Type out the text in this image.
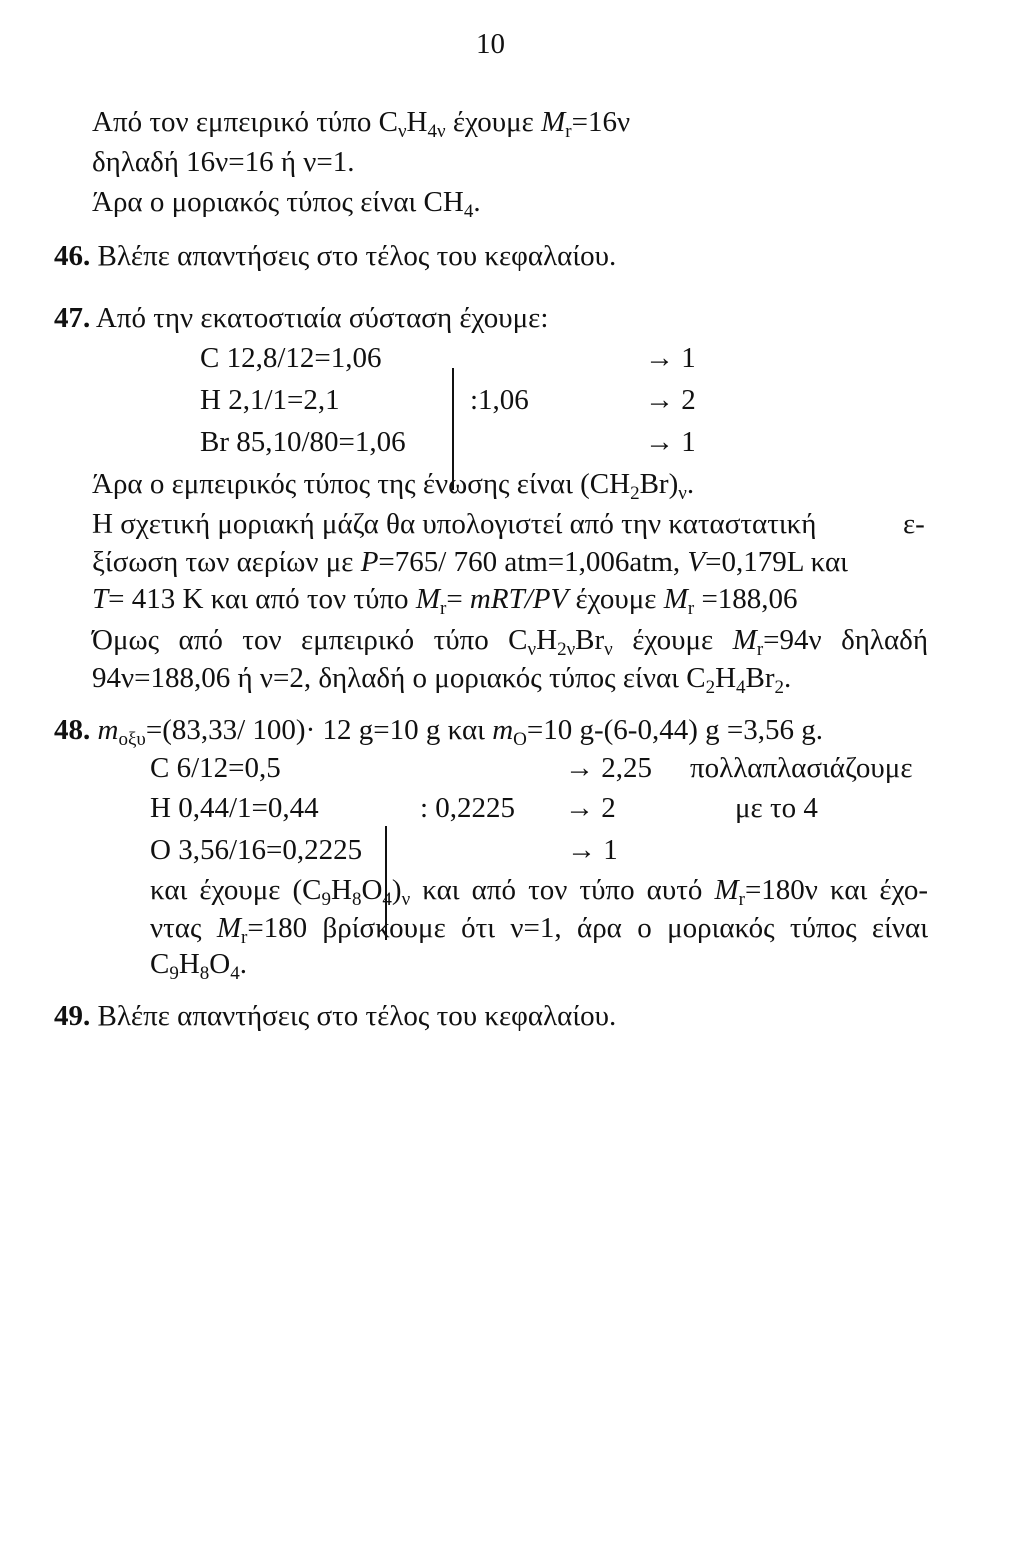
10
Από τον εμπειρικό τύπο $C_\nu H_{4\nu}$ έχουμε $M_r=16\nu$
δηλαδή 16ν=16 ή ν=1.
Άρα ο μοριακός τύπος είναι $CH_4$.
46. Βλέπε απαντήσεις στο τέλος του κεφαλαίου.
47. Από την εκατοστιαία σύσταση έχουμε:
C 12,8/12=1,06	→ 1
H 2,1/1=2,1	:1,06	→ 2
Br 85,10/80=1,06	→ 1
Άρα ο εμπειρικός τύπος της ένωσης είναι $(CH_2Br)_\nu$.
Η σχετική μοριακή μάζα θα υπολογιστεί από την καταστατική	ε-
ξίσωση των αερίων με P=765/ 760 atm=1,006atm, V=0,179L και
T= 413 K και από τον τύπο $M_r= mRT/PV$ έχουμε $M_r =188,06$
Όμως από τον εμπειρικό τύπο $C_\nu H_{2\nu}Br_\nu$ έχουμε $M_r=94\nu$ δηλαδή
94ν=188,06 ή ν=2, δηλαδή ο μοριακός τύπος είναι $C_2H_4Br_2$.
48. $m_{o\xi\upsilon}=(83,33/$ 100)· 12 g=10 g και $m_O=10$ g-(6-0,44) g =3,56 g.
C 6/12=0,5	→ 2,25 πολλαπλασιάζουμε
H 0,44/1=0,44	: 0,2225 → 2	με το 4
O 3,56/16=0,2225	→ 1
και έχουμε $(C_9H_8O_4)_\nu$ και από τον τύπο αυτό $M_r=180\nu$ και έχο-
ντας $M_r=180$ βρίσκουμε ότι ν=1, άρα ο μοριακός τύπος είναι
$C_9H_8O_4$.
49. Βλέπε απαντήσεις στο τέλος του κεφαλαίου.
